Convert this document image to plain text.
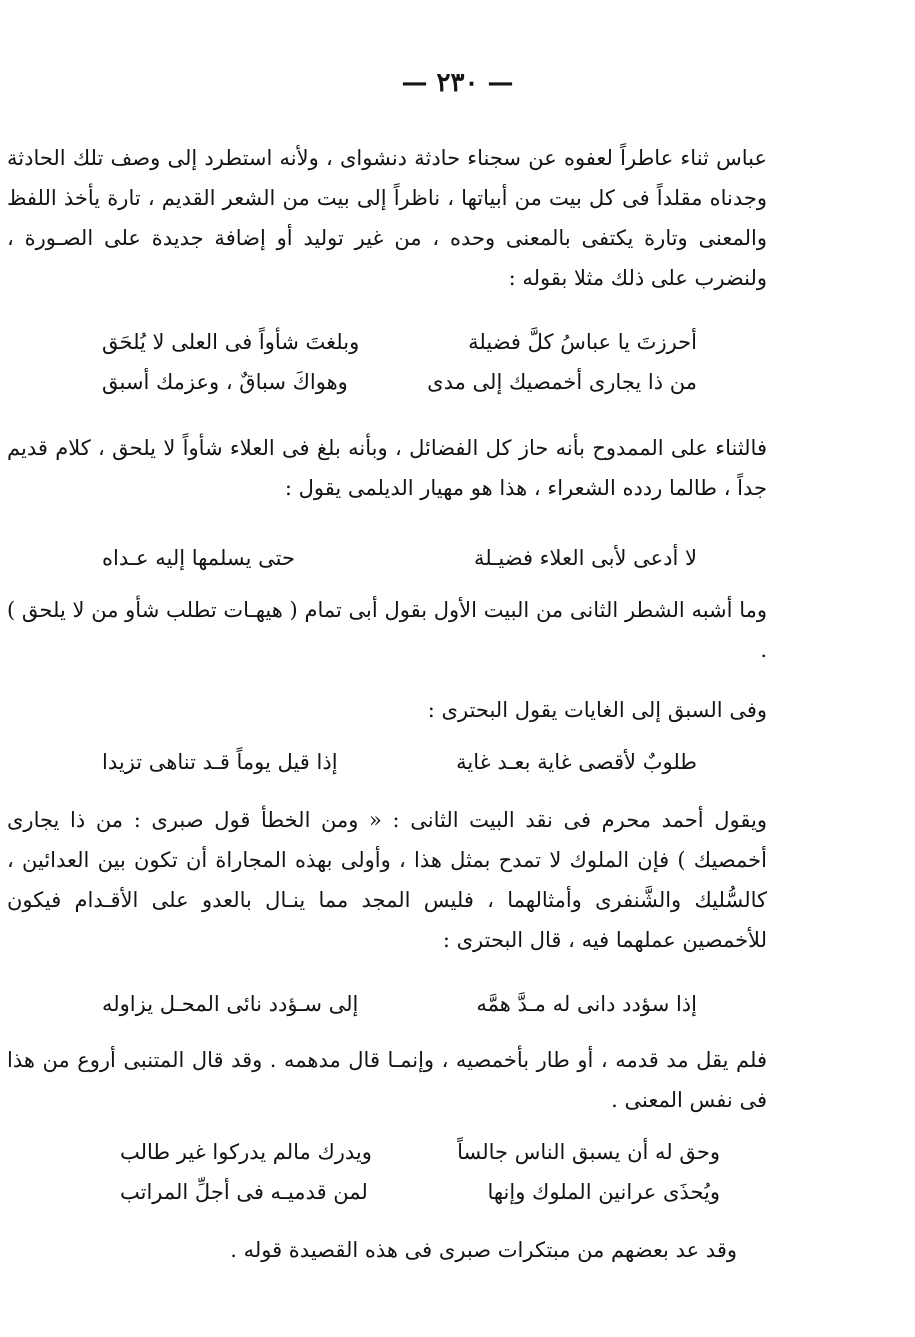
— ٢٣٠ —
عباس ثناء عاطراً لعفوه عن سجناء حادثة دنشواى ، ولأنه استطرد إلى وصف تلك الحادثة وجدناه مقلداً فى كل بيت من أبياتها ، ناظراً إلى بيت من الشعر القديم ، تارة يأخذ اللفظ والمعنى وتارة يكتفى بالمعنى وحده ، من غير توليد أو إضافة جديدة على الصـورة ، ولنضرب على ذلك مثلا بقوله :
أحرزتَ يا عباسُ كلَّ فضيلة
وبلغتَ شأواً فى العلى لا يُلحَق
من ذا يجارى أخمصيك إلى مدى
وهواكَ سباقٌ ، وعزمك أسبق
فالثناء على الممدوح بأنه حاز كل الفضائل ، وبأنه بلغ فى العلاء شأواً لا يلحق ، كلام قديم جداً ، طالما ردده الشعراء ، هذا هو مهيار الديلمى يقول :
لا أدعى لأبى العلاء فضيـلة
حتى يسلمها إليه عـداه
وما أشبه الشطر الثانى من البيت الأول بقول أبى تمام ( هيهـات تطلب شأو من لا يلحق ) .
وفى السبق إلى الغايات يقول البحترى :
طلوبٌ لأقصى غاية بعـد غاية
إذا قيل يوماً قـد تناهى تزيدا
ويقول أحمد محرم فى نقد البيت الثانى : « ومن الخطأ قول صبرى : من ذا يجارى أخمصيك ) فإن الملوك لا تمدح بمثل هذا ، وأولى بهذه المجاراة أن تكون بين العدائين ، كالسُّليك والشَّنفرى وأمثالهما ، فليس المجد مما ينـال بالعدو على الأقـدام فيكون للأخمصين عملهما فيه ، قال البحترى :
إذا سؤدد دانى له مـدَّ همَّه
إلى سـؤدد نائى المحـل يزاوله
فلم يقل مد قدمه ، أو طار بأخمصيه ، وإنمـا قال مدهمه . وقد قال المتنبى أروع من هذا فى نفس المعنى .
وحق له أن يسبق الناس جالساً
ويدرك مالم يدركوا غير طالب
ويُحذَى عرانين الملوك وإنها
لمن قدميـه فى أجلِّ المراتب
وقد عد بعضهم من مبتكرات صبرى فى هذه القصيدة قوله .
